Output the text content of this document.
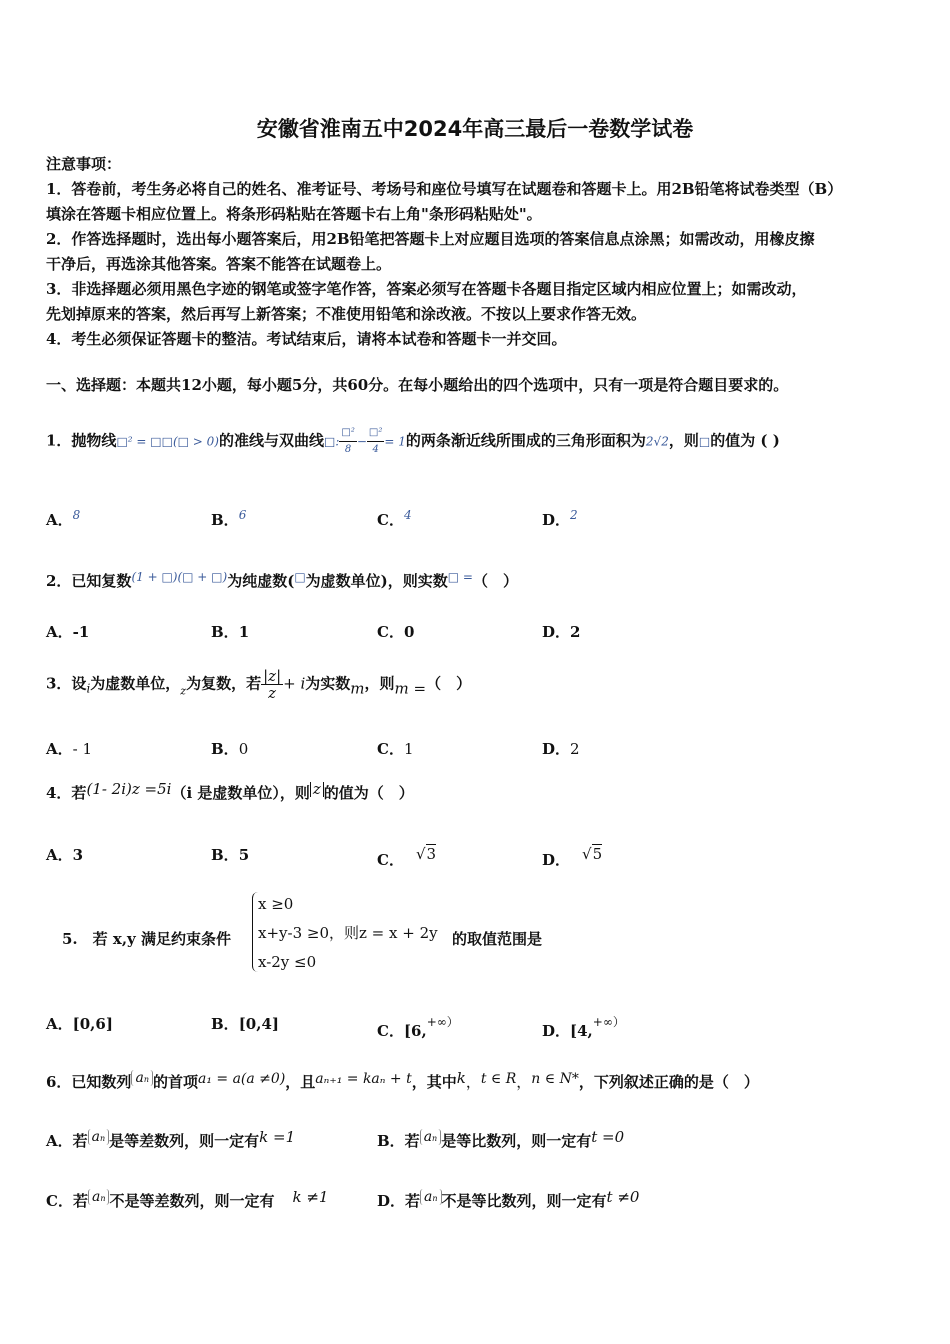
安徽省淮南五中2024年高三最后一卷数学试卷
注意事项：
1．答卷前，考生务必将自己的姓名、准考证号、考场号和座位号填写在试题卷和答题卡上。用2B铅笔将试卷类型（B）
填涂在答题卡相应位置上。将条形码粘贴在答题卡右上角"条形码粘贴处"。
2．作答选择题时，选出每小题答案后，用2B铅笔把答题卡上对应题目选项的答案信息点涂黑；如需改动，用橡皮擦
干净后，再选涂其他答案。答案不能答在试题卷上。
3．非选择题必须用黑色字迹的钢笔或签字笔作答，答案必须写在答题卡各题目指定区域内相应位置上；如需改动，
先划掉原来的答案，然后再写上新答案；不准使用铅笔和涂改液。不按以上要求作答无效。
4．考生必须保证答题卡的整洁。考试结束后，请将本试卷和答题卡一并交回。
一、选择题：本题共12小题，每小题5分，共60分。在每小题给出的四个选项中，只有一项是符合题目要求的。
1．抛物线□² = □□(□ > 0)的准线与双曲线□: $\frac{\text{□²}}{8} - \frac{\text{□²}}{4} = 1$的两条渐近线所围成的三角形面积为2√2，则□的值为 ( )
A．$^8$	B．$^6$	C．$^4$	D．$^2$
2．已知复数$^{(1 + □)(□ + □)}$为纯虚数(□为虚数单位)，则实数□ =（　）
A．-1	B．1	C．0	D．2
3．设$_i$为虚数单位，$_z$为复数，若 $\frac{|z|}{z} + i$为实数m，则m =（　）
A．- 1	B．0	C．1	D．2
4．若(1- 2i)z =5i（i 是虚数单位），则 z 的值为（　）
A．3	B．5	C． √3	D． √5
5.　若 x,y 满足约束条件
x ≥0
x+y-3 ≥0，则z = x + 2y
x-2y ≤0
的取值范围是
A．[0,6]	B．[0,4]	C．[6,+∞）	D．[4,+∞）
6．已知数列 an 的首项a₁ = a(a ≠0)，且aₙ₊₁ = kaₙ + t，其中k，t ∈ R，n ∈ N*，下列叙述正确的是（　）
A．若 an 是等差数列，则一定有k =1	B．若 an 是等比数列，则一定有t =0
C．若 an 不是等差数列，则一定有 k ≠1	D．若 an 不是等比数列，则一定有t ≠0
